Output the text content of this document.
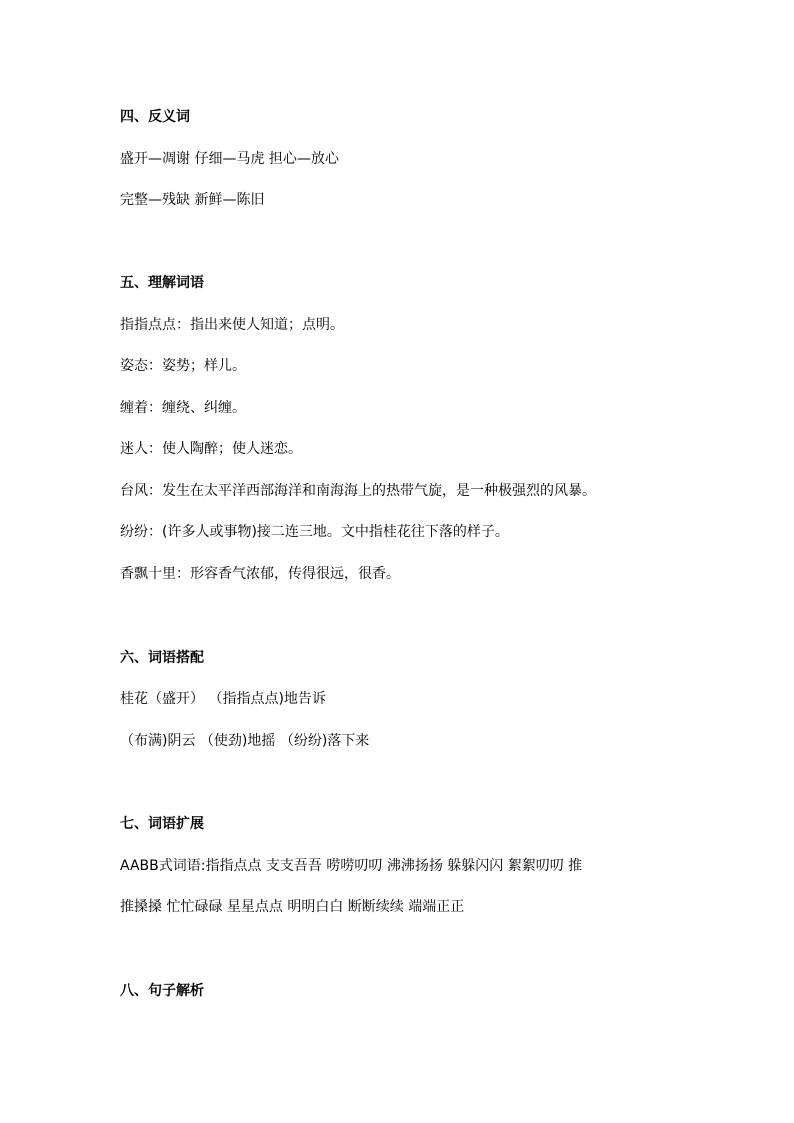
四、反义词
盛开—凋谢 仔细—马虎 担心—放心
完整—残缺 新鲜—陈旧
五、理解词语
指指点点：指出来使人知道；点明。
姿态：姿势；样儿。
缠着：缠绕、纠缠。
迷人：使人陶醉；使人迷恋。
台风：发生在太平洋西部海洋和南海海上的热带气旋，是一种极强烈的风暴。
纷纷：(许多人或事物)接二连三地。文中指桂花往下落的样子。
香飘十里：形容香气浓郁，传得很远，很香。
六、词语搭配
桂花（盛开） （指指点点)地告诉
（布满)阴云 （使劲)地摇 （纷纷)落下来
七、词语扩展
AABB式词语:指指点点 支支吾吾 唠唠叨叨 沸沸扬扬 躲躲闪闪 絮絮叨叨 推
推搡搡 忙忙碌碌 星星点点 明明白白 断断续续 端端正正
八、句子解析
